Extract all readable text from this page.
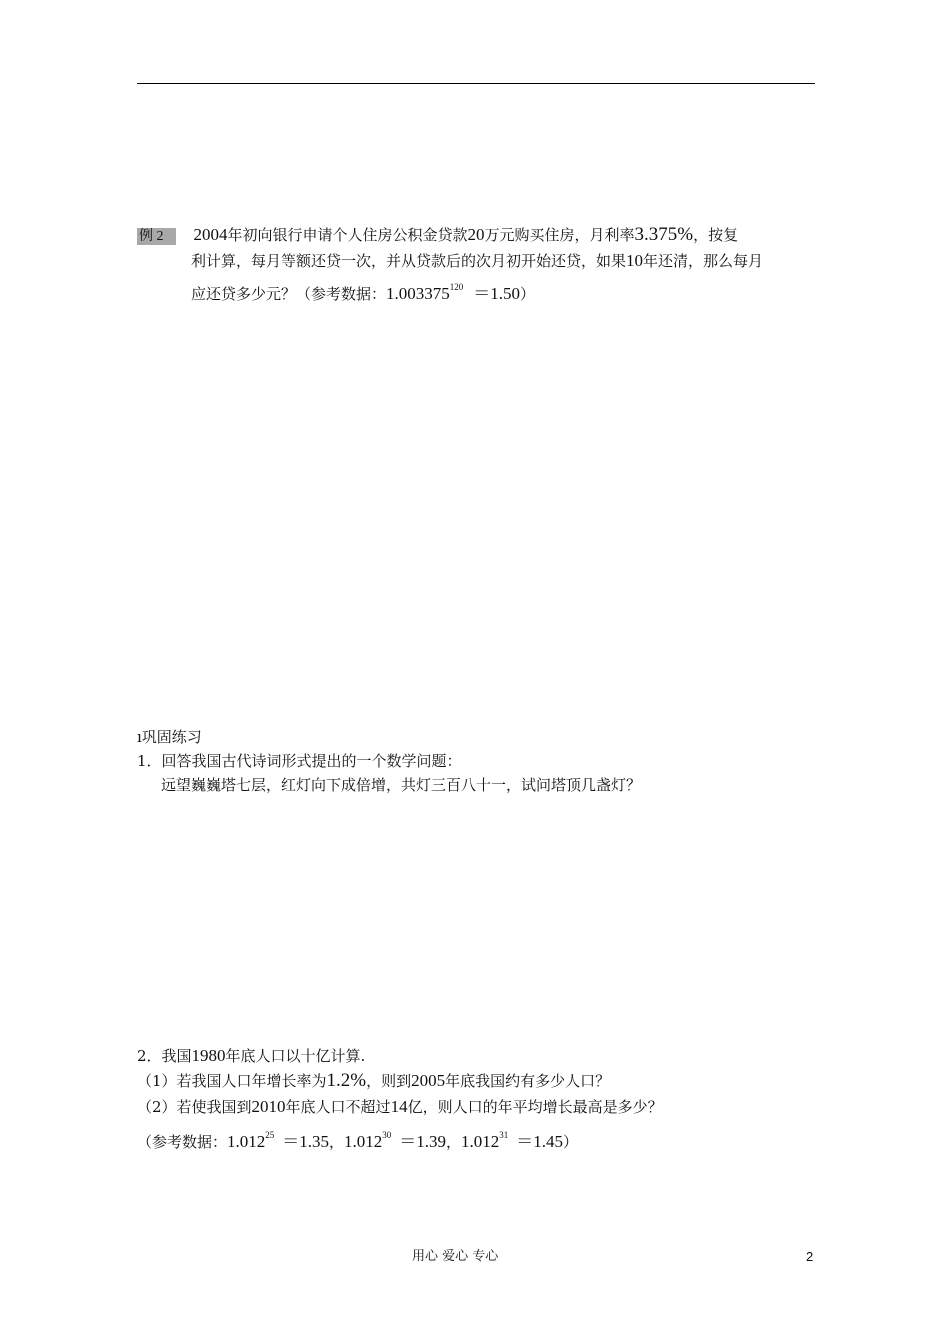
例 2 2004年初向银行申请个人住房公积金贷款20万元购买住房，月利率3.375%，按复
利计算，每月等额还贷一次，并从贷款后的次月初开始还贷，如果10年还清，那么每月
应还贷多少元？（参考数据：$1.003375^{120} =1.50$）
ı巩固练习
1．回答我国古代诗词形式提出的一个数学问题：
远望巍巍塔七层，红灯向下成倍增，共灯三百八十一，试问塔顶几盏灯？
2．我国1980年底人口以十亿计算.
（1）若我国人口年增长率为1.2%，则到2005年底我国约有多少人口？
（2）若使我国到2010年底人口不超过14亿，则人口的年平均增长最高是多少？
（参考数据：$1.012^{25} =1.35$，$1.012^{30} =1.39$，$1.012^{31} =1.45$）
用心 爱心 专心	2
